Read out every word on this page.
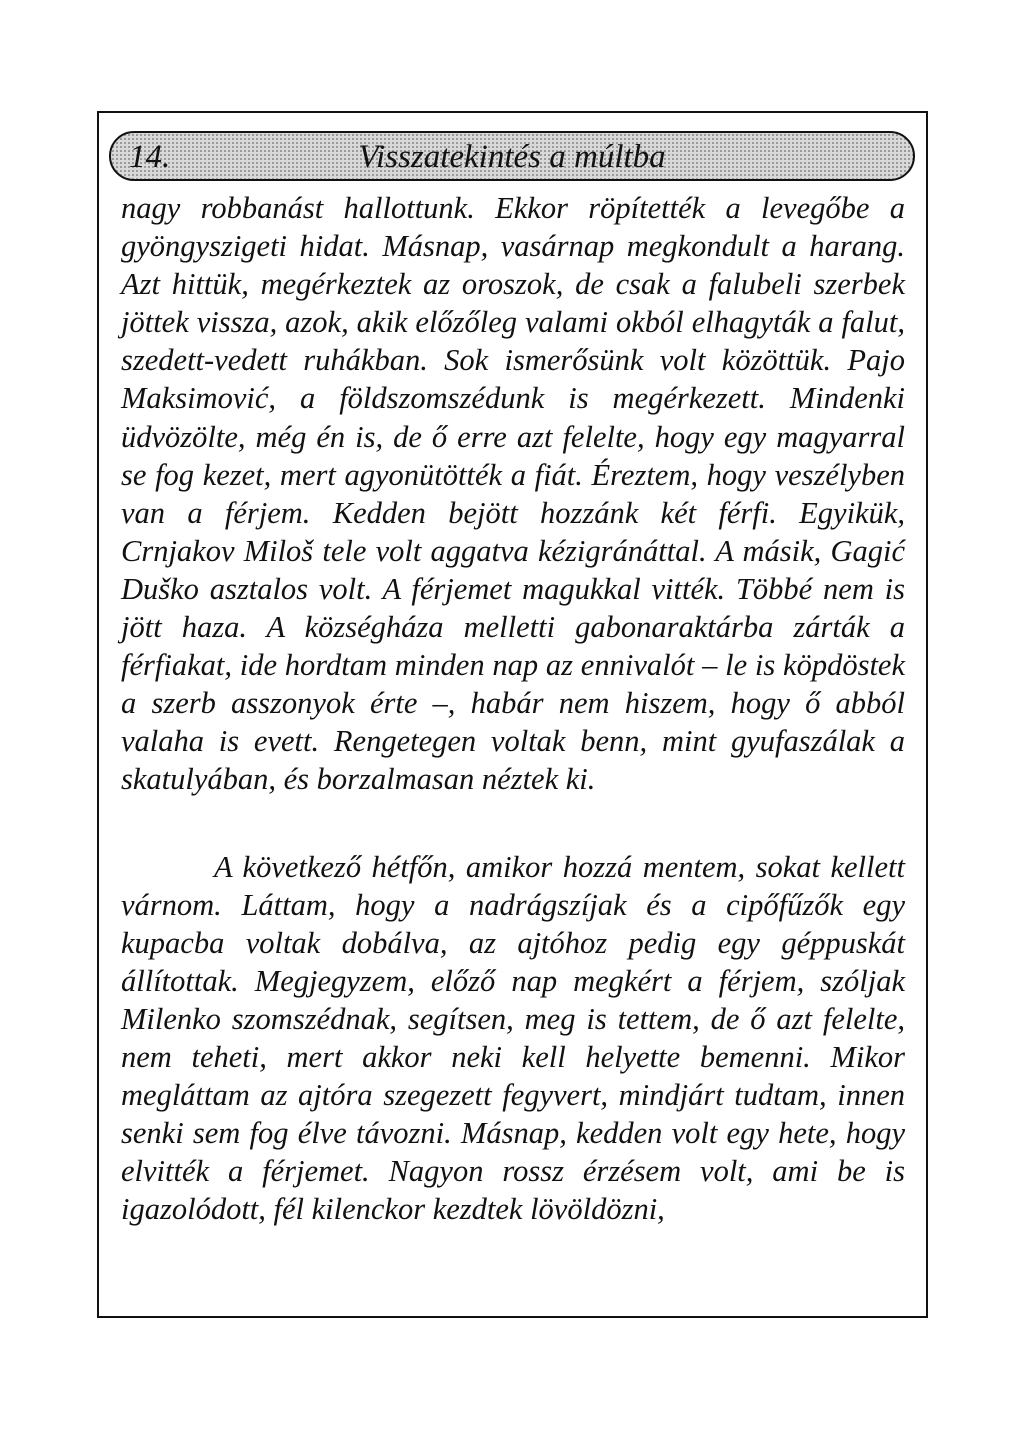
14.	Visszatekintés a múltba

nagy robbanást hallottunk. Ekkor röpítették a levegőbe a gyöngyszigeti hidat. Másnap, vasárnap megkondult a harang. Azt hittük, megérkeztek az oroszok, de csak a falubeli szerbek jöttek vissza, azok, akik előzőleg valami okból elhagyták a falut, szedett-vedett ruhákban. Sok ismerősünk volt közöttük. Pajo Maksimović, a földszomszédunk is megérkezett. Mindenki üdvözölte, még én is, de ő erre azt felelte, hogy egy magyarral se fog kezet, mert agyonütötték a fiát. Éreztem, hogy veszélyben van a férjem. Kedden bejött hozzánk két férfi. Egyikük, Crnjakov Miloš tele volt aggatva kézigránáttal. A másik, Gagić Duško asztalos volt. A férjemet magukkal vitték. Többé nem is jött haza. A községháza melletti gabonaraktárba zárták a férfiakat, ide hordtam minden nap az ennivalót – le is köpdöstek a szerb asszonyok érte –, habár nem hiszem, hogy ő abból valaha is evett. Rengetegen voltak benn, mint gyufaszálak a skatulyában, és borzalmasan néztek ki.

A következő hétfőn, amikor hozzá mentem, sokat kellett várnom. Láttam, hogy a nadrágszíjak és a cipőfűzők egy kupacba voltak dobálva, az ajtóhoz pedig egy géppuskát állítottak. Megjegyzem, előző nap megkért a férjem, szóljak Milenko szomszédnak, segítsen, meg is tettem, de ő azt felelte, nem teheti, mert akkor neki kell helyette bemenni. Mikor megláttam az ajtóra szegezett fegyvert, mindjárt tudtam, innen senki sem fog élve távozni. Másnap, kedden volt egy hete, hogy elvitték a férjemet. Nagyon rossz érzésem volt, ami be is igazolódott, fél kilenckor kezdtek lövöldözni,
